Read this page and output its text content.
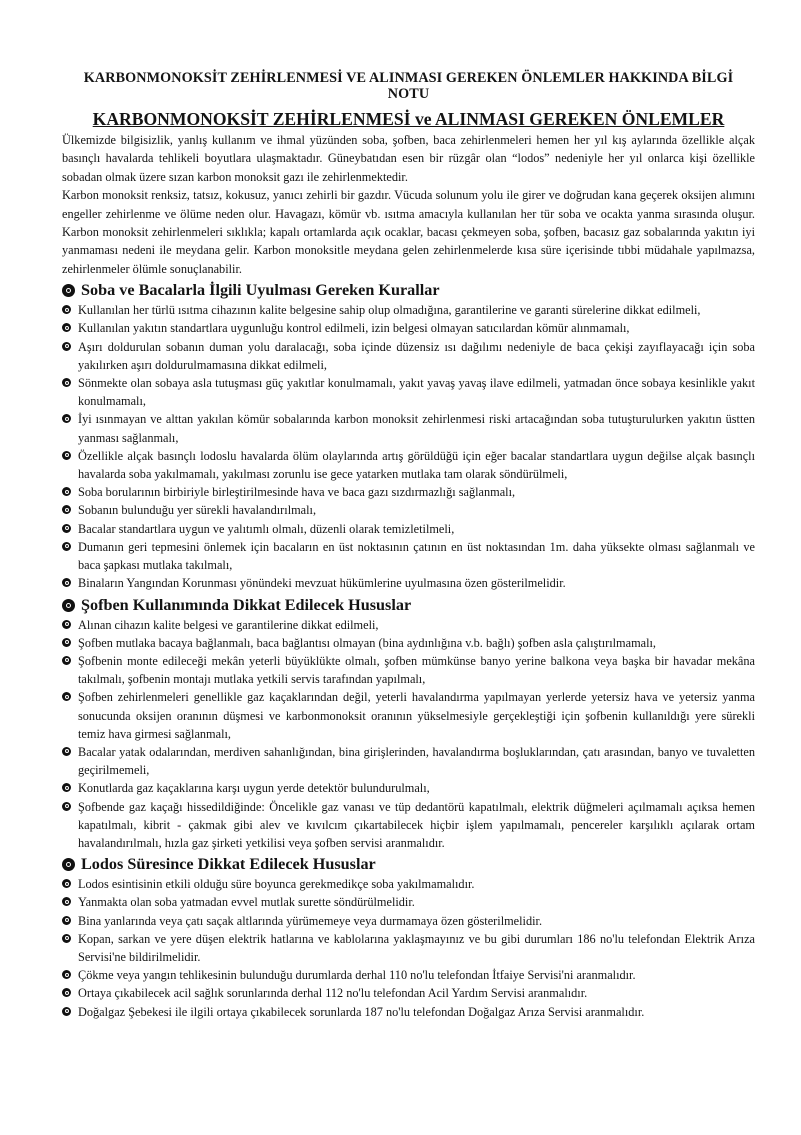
KARBONMONOKSİT ZEHİRLENMESİ VE ALINMASI GEREKEN ÖNLEMLER HAKKINDA BİLGİ NOTU
KARBONMONOKSİT ZEHİRLENMESİ ve ALINMASI GEREKEN ÖNLEMLER

Ülkemizde bilgisizlik, yanlış kullanım ve ihmal yüzünden soba, şofben, baca zehirlenmeleri hemen her yıl kış aylarında özellikle alçak basınçlı havalarda tehlikeli boyutlara ulaşmaktadır. Güneybatıdan esen bir rüzgâr olan “lodos” nedeniyle her yıl onlarca kişi özellikle sobadan olmak üzere sızan karbon monoksit gazı ile zehirlenmektedir.

Karbon monoksit renksiz, tatsız, kokusuz, yanıcı zehirli bir gazdır. Vücuda solunum yolu ile girer ve doğrudan kana geçerek oksijen alımını engeller zehirlenme ve ölüme neden olur. Havagazı, kömür vb. ısıtma amacıyla kullanılan her tür soba ve ocakta yanma sırasında oluşur. Karbon monoksit zehirlenmeleri sıklıkla; kapalı ortamlarda açık ocaklar, bacası çekmeyen soba, şofben, bacasız gaz sobalarında yakıtın iyi yanmaması nedeni ile meydana gelir. Karbon monoksitle meydana gelen zehirlenmelerde kısa süre içerisinde tıbbi müdahale yapılmazsa, zehirlenmeler ölümle sonuçlanabilir.

Soba ve Bacalarla İlgili Uyulması Gereken Kurallar
Kullanılan her türlü ısıtma cihazının kalite belgesine sahip olup olmadığına, garantilerine ve garanti sürelerine dikkat edilmeli,
Kullanılan yakıtın standartlara uygunluğu kontrol edilmeli, izin belgesi olmayan satıcılardan kömür alınmamalı,
Aşırı doldurulan sobanın duman yolu daralacağı, soba içinde düzensiz ısı dağılımı nedeniyle de baca çekişi zayıflayacağı için soba yakılırken aşırı doldurulmamasına dikkat edilmeli,
Sönmekte olan sobaya asla tutuşması güç yakıtlar konulmamalı, yakıt yavaş yavaş ilave edilmeli, yatmadan önce sobaya kesinlikle yakıt konulmamalı,
İyi ısınmayan ve alttan yakılan kömür sobalarında karbon monoksit zehirlenmesi riski artacağından soba tutuşturulurken yakıtın üstten yanması sağlanmalı,
Özellikle alçak basınçlı lodoslu havalarda ölüm olaylarında artış görüldüğü için eğer bacalar standartlara uygun değilse alçak basınçlı havalarda soba yakılmamalı, yakılması zorunlu ise gece yatarken mutlaka tam olarak söndürülmeli,
Soba borularının birbiriyle birleştirilmesinde hava ve baca gazı sızdırmazlığı sağlanmalı,
Sobanın bulunduğu yer sürekli havalandırılmalı,
Bacalar standartlara uygun ve yalıtımlı olmalı, düzenli olarak temizletilmeli,
Dumanın geri tepmesini önlemek için bacaların en üst noktasının çatının en üst noktasından 1m. daha yüksekte olması sağlanmalı ve baca şapkası mutlaka takılmalı,
Binaların Yangından Korunması yönündeki mevzuat hükümlerine uyulmasına özen gösterilmelidir.
Şofben Kullanımında Dikkat Edilecek Hususlar
Alınan cihazın kalite belgesi ve garantilerine dikkat edilmeli,
Şofben mutlaka bacaya bağlanmalı, baca bağlantısı olmayan (bina aydınlığına v.b. bağlı) şofben asla çalıştırılmamalı,
Şofbenin monte edileceği mekân yeterli büyüklükte olmalı, şofben mümkünse banyo yerine balkona veya başka bir havadar mekâna takılmalı, şofbenin montajı mutlaka yetkili servis tarafından yapılmalı,
Şofben zehirlenmeleri genellikle gaz kaçaklarından değil, yeterli havalandırma yapılmayan yerlerde yetersiz hava ve yetersiz yanma sonucunda oksijen oranının düşmesi ve karbonmonoksit oranının yükselmesiyle gerçekleştiği için şofbenin kullanıldığı yere sürekli temiz hava girmesi sağlanmalı,
Bacalar yatak odalarından, merdiven sahanlığından, bina girişlerinden, havalandırma boşluklarından, çatı arasından, banyo ve tuvaletten geçirilmemeli,
Konutlarda gaz kaçaklarına karşı uygun yerde detektör bulundurulmalı,
Şofbende gaz kaçağı hissedildiğinde: Öncelikle gaz vanası ve tüp dedantörü kapatılmalı, elektrik düğmeleri açılmamalı açıksa hemen kapatılmalı, kibrit - çakmak gibi alev ve kıvılcım çıkartabilecek hiçbir işlem yapılmamalı, pencereler karşılıklı açılarak ortam havalandırılmalı, hızla gaz şirketi yetkilisi veya şofben servisi aranmalıdır.
Lodos Süresince Dikkat Edilecek Hususlar
Lodos esintisinin etkili olduğu süre boyunca gerekmedikçe soba yakılmamalıdır.
Yanmakta olan soba yatmadan evvel mutlak surette söndürülmelidir.
Bina yanlarında veya çatı saçak altlarında yürümemeye veya durmamaya özen gösterilmelidir.
Kopan, sarkan ve yere düşen elektrik hatlarına ve kablolarına yaklaşmayınız ve bu gibi durumları 186 no'lu telefondan Elektrik Arıza Servisi'ne bildirilmelidir.
Çökme veya yangın tehlikesinin bulunduğu durumlarda derhal 110 no'lu telefondan İtfaiye Servisi'ni aranmalıdır.
Ortaya çıkabilecek acil sağlık sorunlarında derhal 112 no'lu telefondan Acil Yardım Servisi aranmalıdır.
Doğalgaz Şebekesi ile ilgili ortaya çıkabilecek sorunlarda 187 no'lu telefondan Doğalgaz Arıza Servisi aranmalıdır.
